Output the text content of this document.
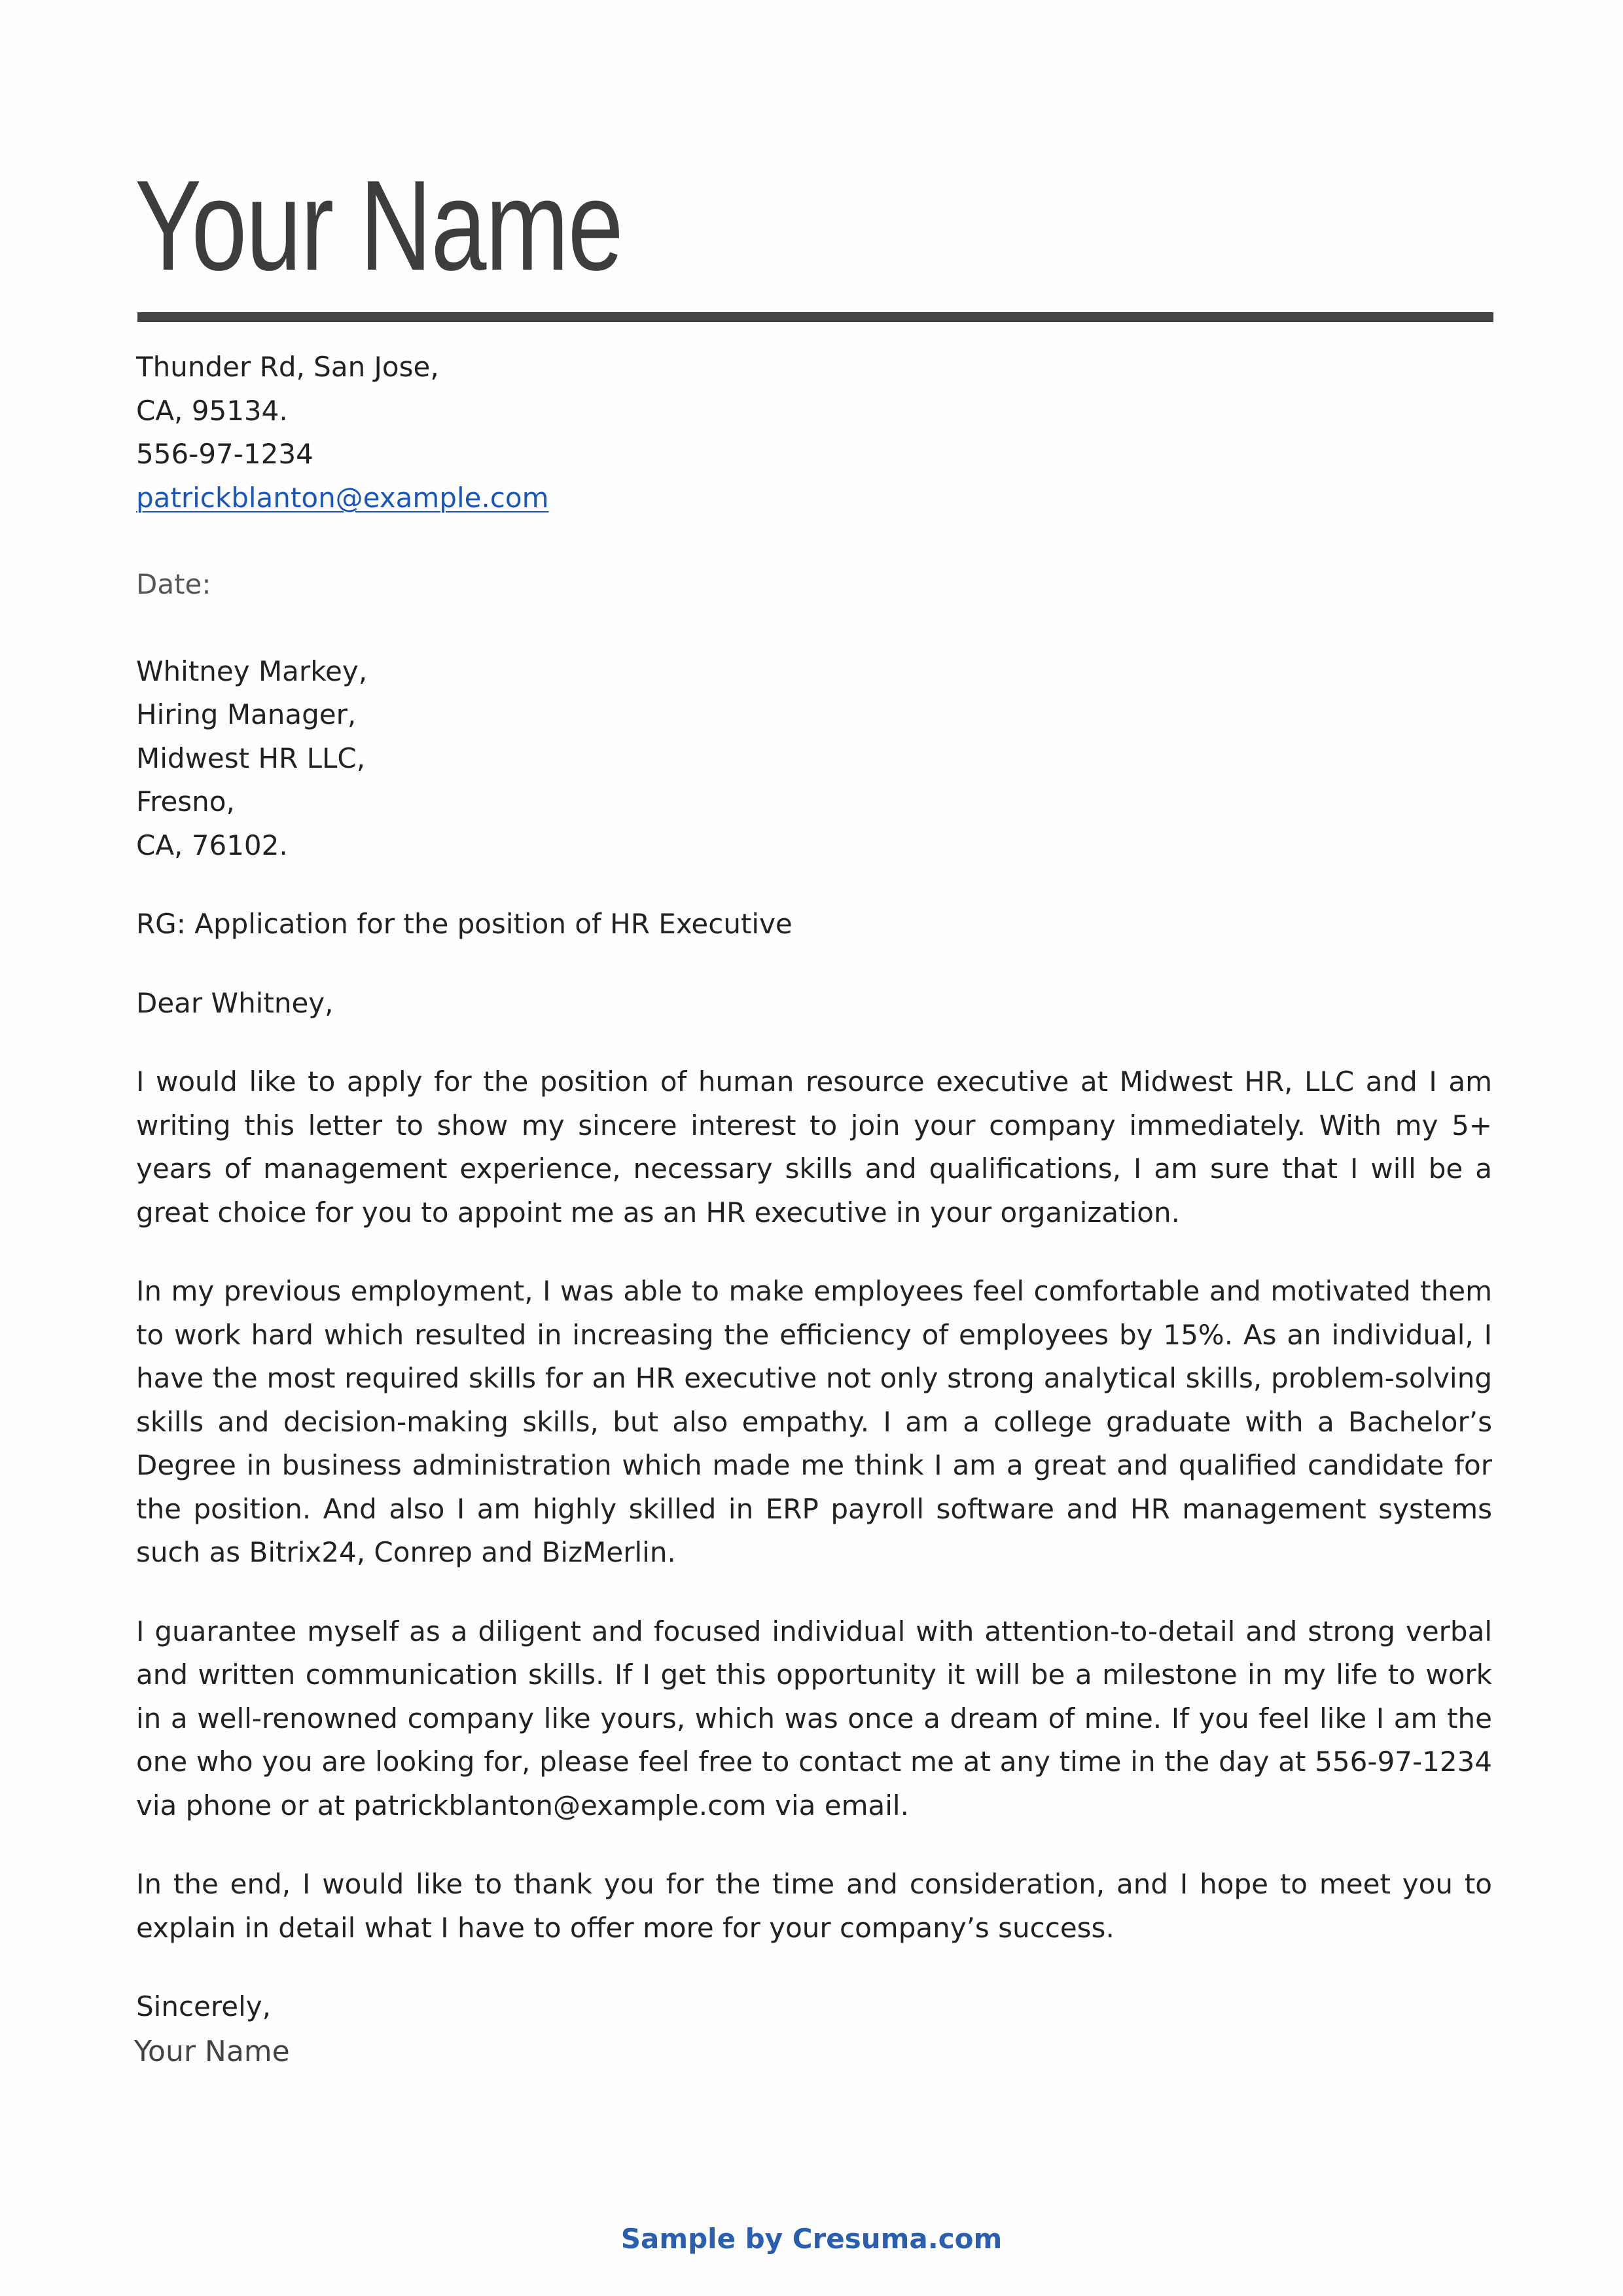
Your Name
Thunder Rd, San Jose,
CA, 95134.
556-97-1234
patrickblanton@example.com
Date:
Whitney Markey,
Hiring Manager,
Midwest HR LLC,
Fresno,
CA, 76102.
RG: Application for the position of HR Executive
Dear Whitney,

I would like to apply for the position of human resource executive at Midwest HR, LLC and I am writing this letter to show my sincere interest to join your company immediately. With my 5+ years of management experience, necessary skills and qualifications, I am sure that I will be a great choice for you to appoint me as an HR executive in your organization.

In my previous employment, I was able to make employees feel comfortable and motivated them to work hard which resulted in increasing the efficiency of employees by 15%. As an individual, I have the most required skills for an HR executive not only strong analytical skills, problem-solving skills and decision-making skills, but also empathy. I am a college graduate with a Bachelor’s Degree in business administration which made me think I am a great and qualified candidate for the position. And also I am highly skilled in ERP payroll software and HR management systems such as Bitrix24, Conrep and BizMerlin.

I guarantee myself as a diligent and focused individual with attention-to-detail and strong verbal and written communication skills. If I get this opportunity it will be a milestone in my life to work in a well-renowned company like yours, which was once a dream of mine. If you feel like I am the one who you are looking for, please feel free to contact me at any time in the day at 556-97-1234 via phone or at patrickblanton@example.com via email.

In the end, I would like to thank you for the time and consideration, and I hope to meet you to explain in detail what I have to offer more for your company’s success.

Sincerely,
Your Name
Sample by Cresuma.com
